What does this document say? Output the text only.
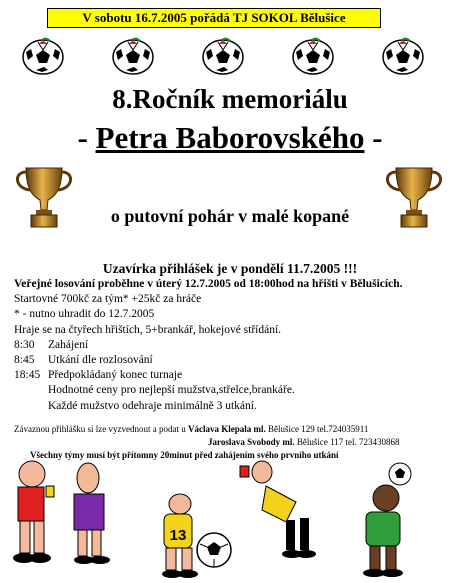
V sobotu 16.7.2005 pořádá TJ SOKOL Bělušice
8.Ročník memoriálu
- Petra Baborovského -
o putovní pohár v malé kopané
Uzavírka přihlášek je v pondělí 11.7.2005 !!!
Veřejné losování proběhne v úterý 12.7.2005 od 18:00hod na hřišti v Bělušicích.
Startovné 700kč za tým* +25kč za hráče
* - nutno uhradit do 12.7.2005
Hraje se na čtyřech hřištích, 5+brankář, hokejové střídání.
8:30 Zahájení
8:45 Utkání dle rozlosování
18:45 Předpokládaný konec turnaje
Hodnotné ceny pro nejlepší mužstva,střelce,brankáře.
Každé mužstvo odehraje minimálně 3 utkání.
Závaznou přihlášku si lze vyzvednout a podat u Václava Klepala ml. Bělušice 129 tel.724035911
Jaroslava Svobody ml. Bělušice 117 tel. 723430868
Všechny týmy musí být přítomny 20minut před zahájením svého prvního utkání
13
